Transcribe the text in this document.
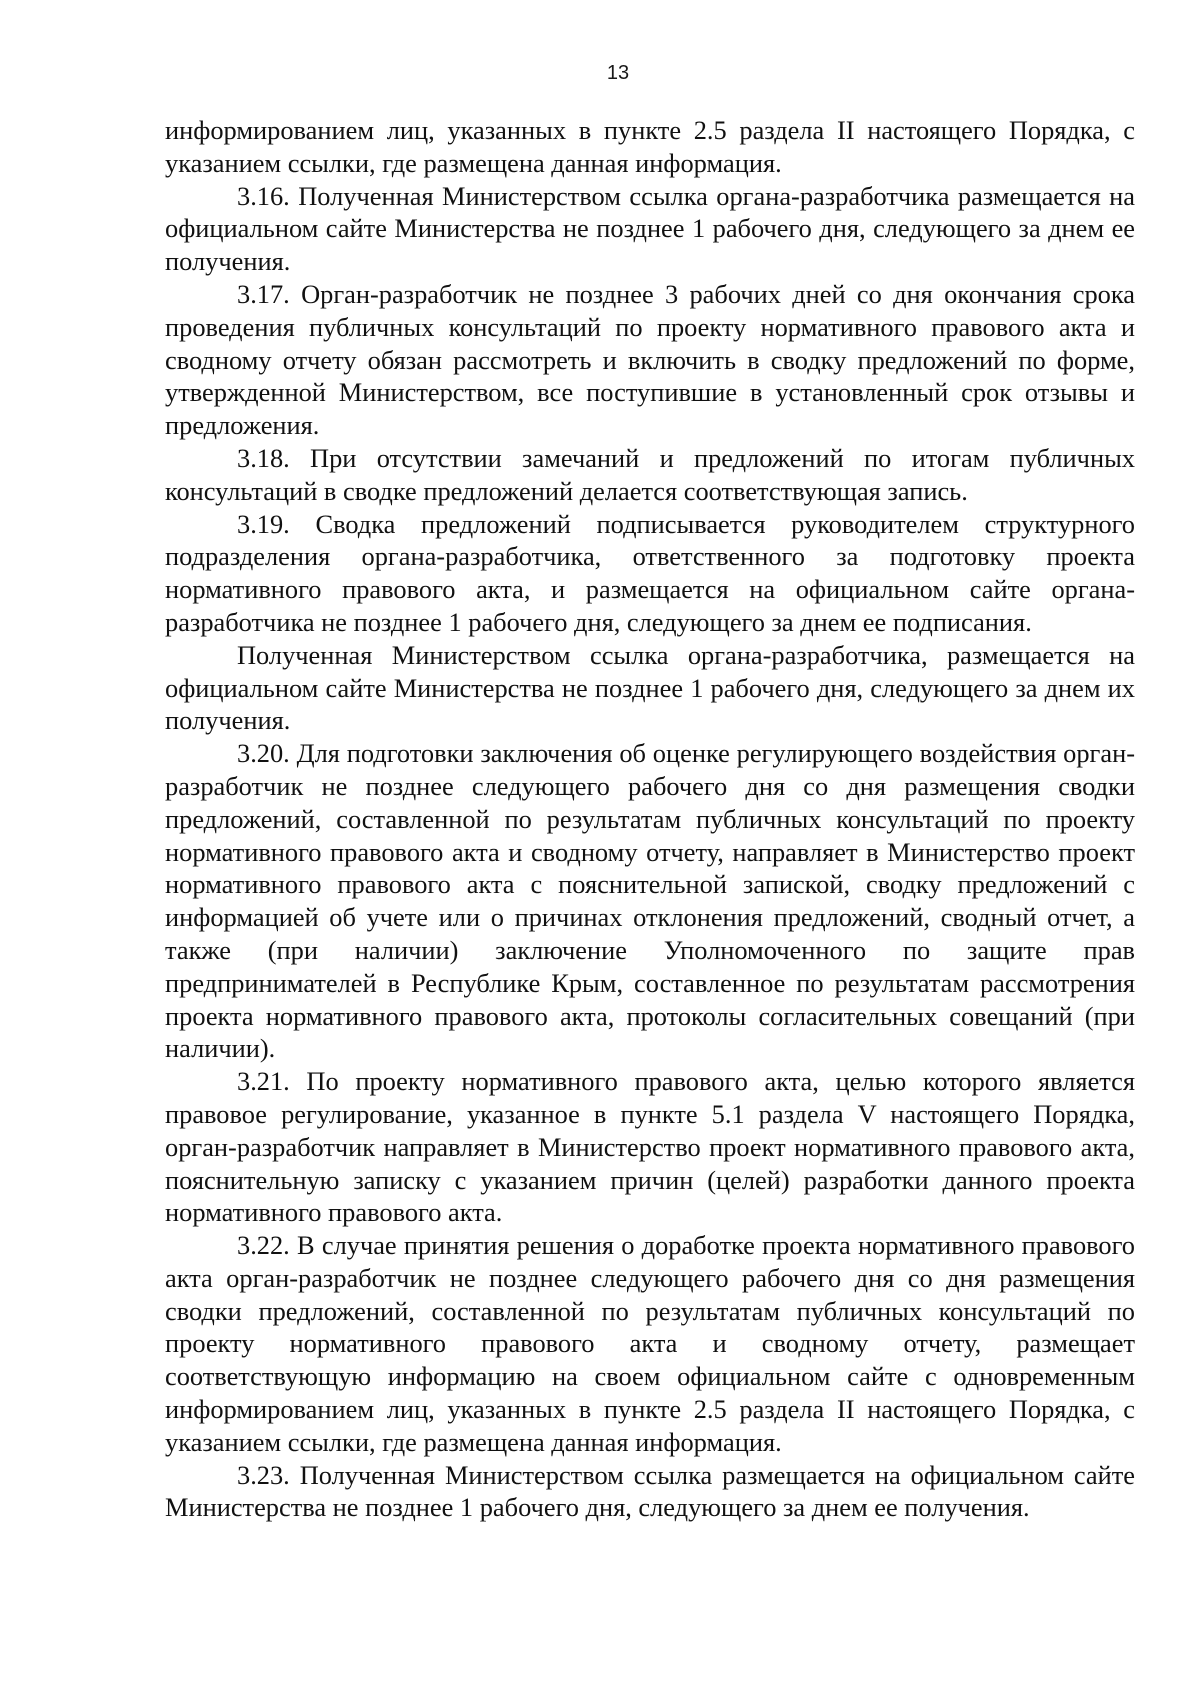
13

информированием лиц, указанных в пункте 2.5 раздела II настоящего Порядка, с указанием ссылки, где размещена данная информация.

3.16. Полученная Министерством ссылка органа-разработчика размещается на официальном сайте Министерства не позднее 1 рабочего дня, следующего за днем ее получения.

3.17. Орган-разработчик не позднее 3 рабочих дней со дня окончания срока проведения публичных консультаций по проекту нормативного правового акта и сводному отчету обязан рассмотреть и включить в сводку предложений по форме, утвержденной Министерством, все поступившие в установленный срок отзывы и предложения.

3.18. При отсутствии замечаний и предложений по итогам публичных консультаций в сводке предложений делается соответствующая запись.

3.19. Сводка предложений подписывается руководителем структурного подразделения органа-разработчика, ответственного за подготовку проекта нормативного правового акта, и размещается на официальном сайте органа-разработчика не позднее 1 рабочего дня, следующего за днем ее подписания.

Полученная Министерством ссылка органа-разработчика, размещается на официальном сайте Министерства не позднее 1 рабочего дня, следующего за днем их получения.

3.20. Для подготовки заключения об оценке регулирующего воздействия орган-разработчик не позднее следующего рабочего дня со дня размещения сводки предложений, составленной по результатам публичных консультаций по проекту нормативного правового акта и сводному отчету, направляет в Министерство проект нормативного правового акта с пояснительной запиской, сводку предложений с информацией об учете или о причинах отклонения предложений, сводный отчет, а также (при наличии) заключение Уполномоченного по защите прав предпринимателей в Республике Крым, составленное по результатам рассмотрения проекта нормативного правового акта, протоколы согласительных совещаний (при наличии).

3.21. По проекту нормативного правового акта, целью которого является правовое регулирование, указанное в пункте 5.1 раздела V настоящего Порядка, орган-разработчик направляет в Министерство проект нормативного правового акта, пояснительную записку с указанием причин (целей) разработки данного проекта нормативного правового акта.

3.22. В случае принятия решения о доработке проекта нормативного правового акта орган-разработчик не позднее следующего рабочего дня со дня размещения сводки предложений, составленной по результатам публичных консультаций по проекту нормативного правового акта и сводному отчету, размещает соответствующую информацию на своем официальном сайте с одновременным информированием лиц, указанных в пункте 2.5 раздела II настоящего Порядка, с указанием ссылки, где размещена данная информация.

3.23. Полученная Министерством ссылка размещается на официальном сайте Министерства не позднее 1 рабочего дня, следующего за днем ее получения.
